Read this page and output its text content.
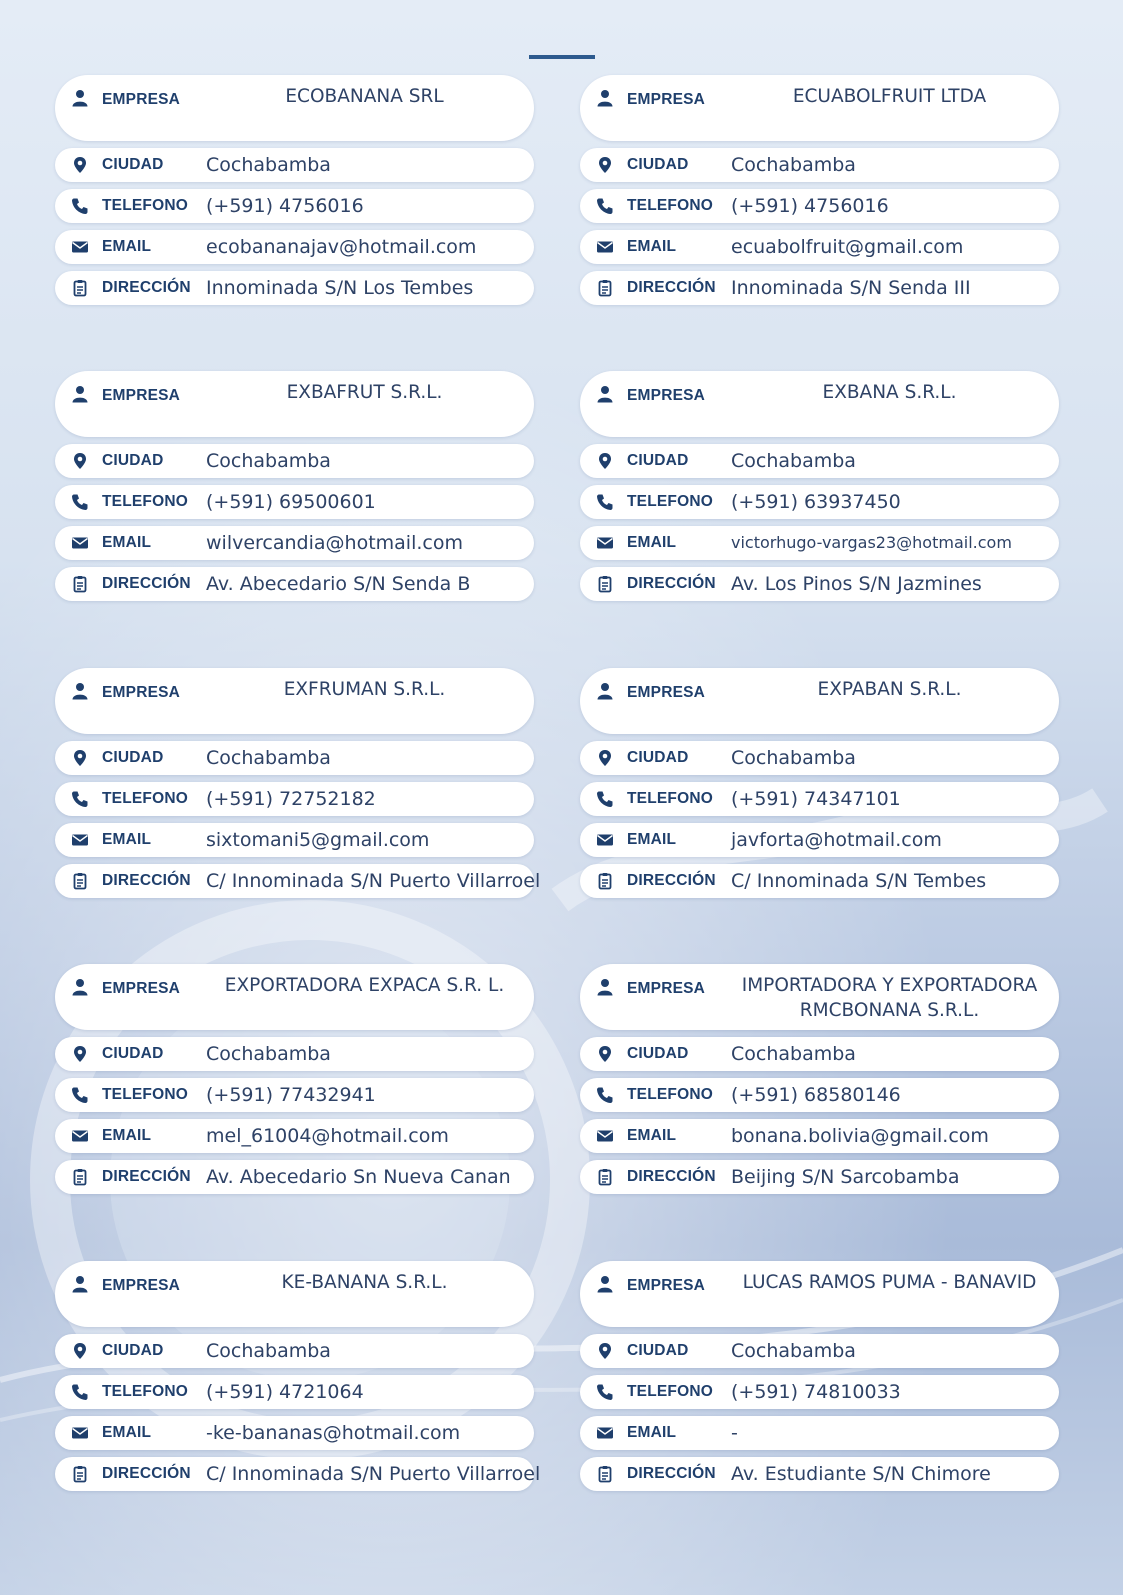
EMPRESA	ECOBANANA SRL
CIUDAD Cochabamba
TELEFONO (+591) 4756016
EMAIL	ecobananajav@hotmail.com
DIRECCIÓN Innominada S/N Los Tembes
EMPRESA	EXBAFRUT S.R.L.
CIUDAD Cochabamba
TELEFONO (+591) 69500601
EMAIL	wilvercandia@hotmail.com
DIRECCIÓN Av. Abecedario S/N Senda B
EMPRESA	EXFRUMAN S.R.L.
CIUDAD Cochabamba
TELEFONO (+591) 72752182
EMAIL	sixtomani5@gmail.com
DIRECCIÓN C/ Innominada S/N Puerto Villarroel
EMPRESA	EXPORTADORA EXPACA S.R. L.
CIUDAD Cochabamba
TELEFONO (+591) 77432941
EMAIL	mel_61004@hotmail.com
DIRECCIÓN Av. Abecedario Sn Nueva Canan
EMPRESA	KE-BANANA S.R.L.
CIUDAD Cochabamba
TELEFONO (+591) 4721064
EMAIL	-ke-bananas@hotmail.com
DIRECCIÓN C/ Innominada S/N Puerto Villarroel
EMPRESA	ECUABOLFRUIT LTDA
CIUDAD Cochabamba
TELEFONO (+591) 4756016
EMAIL	ecuabolfruit@gmail.com
DIRECCIÓN Innominada S/N Senda III
EMPRESA	EXBANA S.R.L.
CIUDAD Cochabamba
TELEFONO (+591) 63937450
EMAIL	victorhugo-vargas23@hotmail.com
DIRECCIÓN Av. Los Pinos S/N Jazmines
EMPRESA	EXPABAN S.R.L.
CIUDAD Cochabamba
TELEFONO (+591) 74347101
EMAIL	javforta@hotmail.com
DIRECCIÓN C/ Innominada S/N Tembes
EMPRESA	IMPORTADORA Y EXPORTADORA RMCBONANA S.R.L.
CIUDAD Cochabamba
TELEFONO (+591) 68580146
EMAIL	bonana.bolivia@gmail.com
DIRECCIÓN Beijing S/N Sarcobamba
EMPRESA	LUCAS RAMOS PUMA - BANAVID
CIUDAD Cochabamba
TELEFONO (+591) 74810033
EMAIL	-
DIRECCIÓN Av. Estudiante S/N Chimore
